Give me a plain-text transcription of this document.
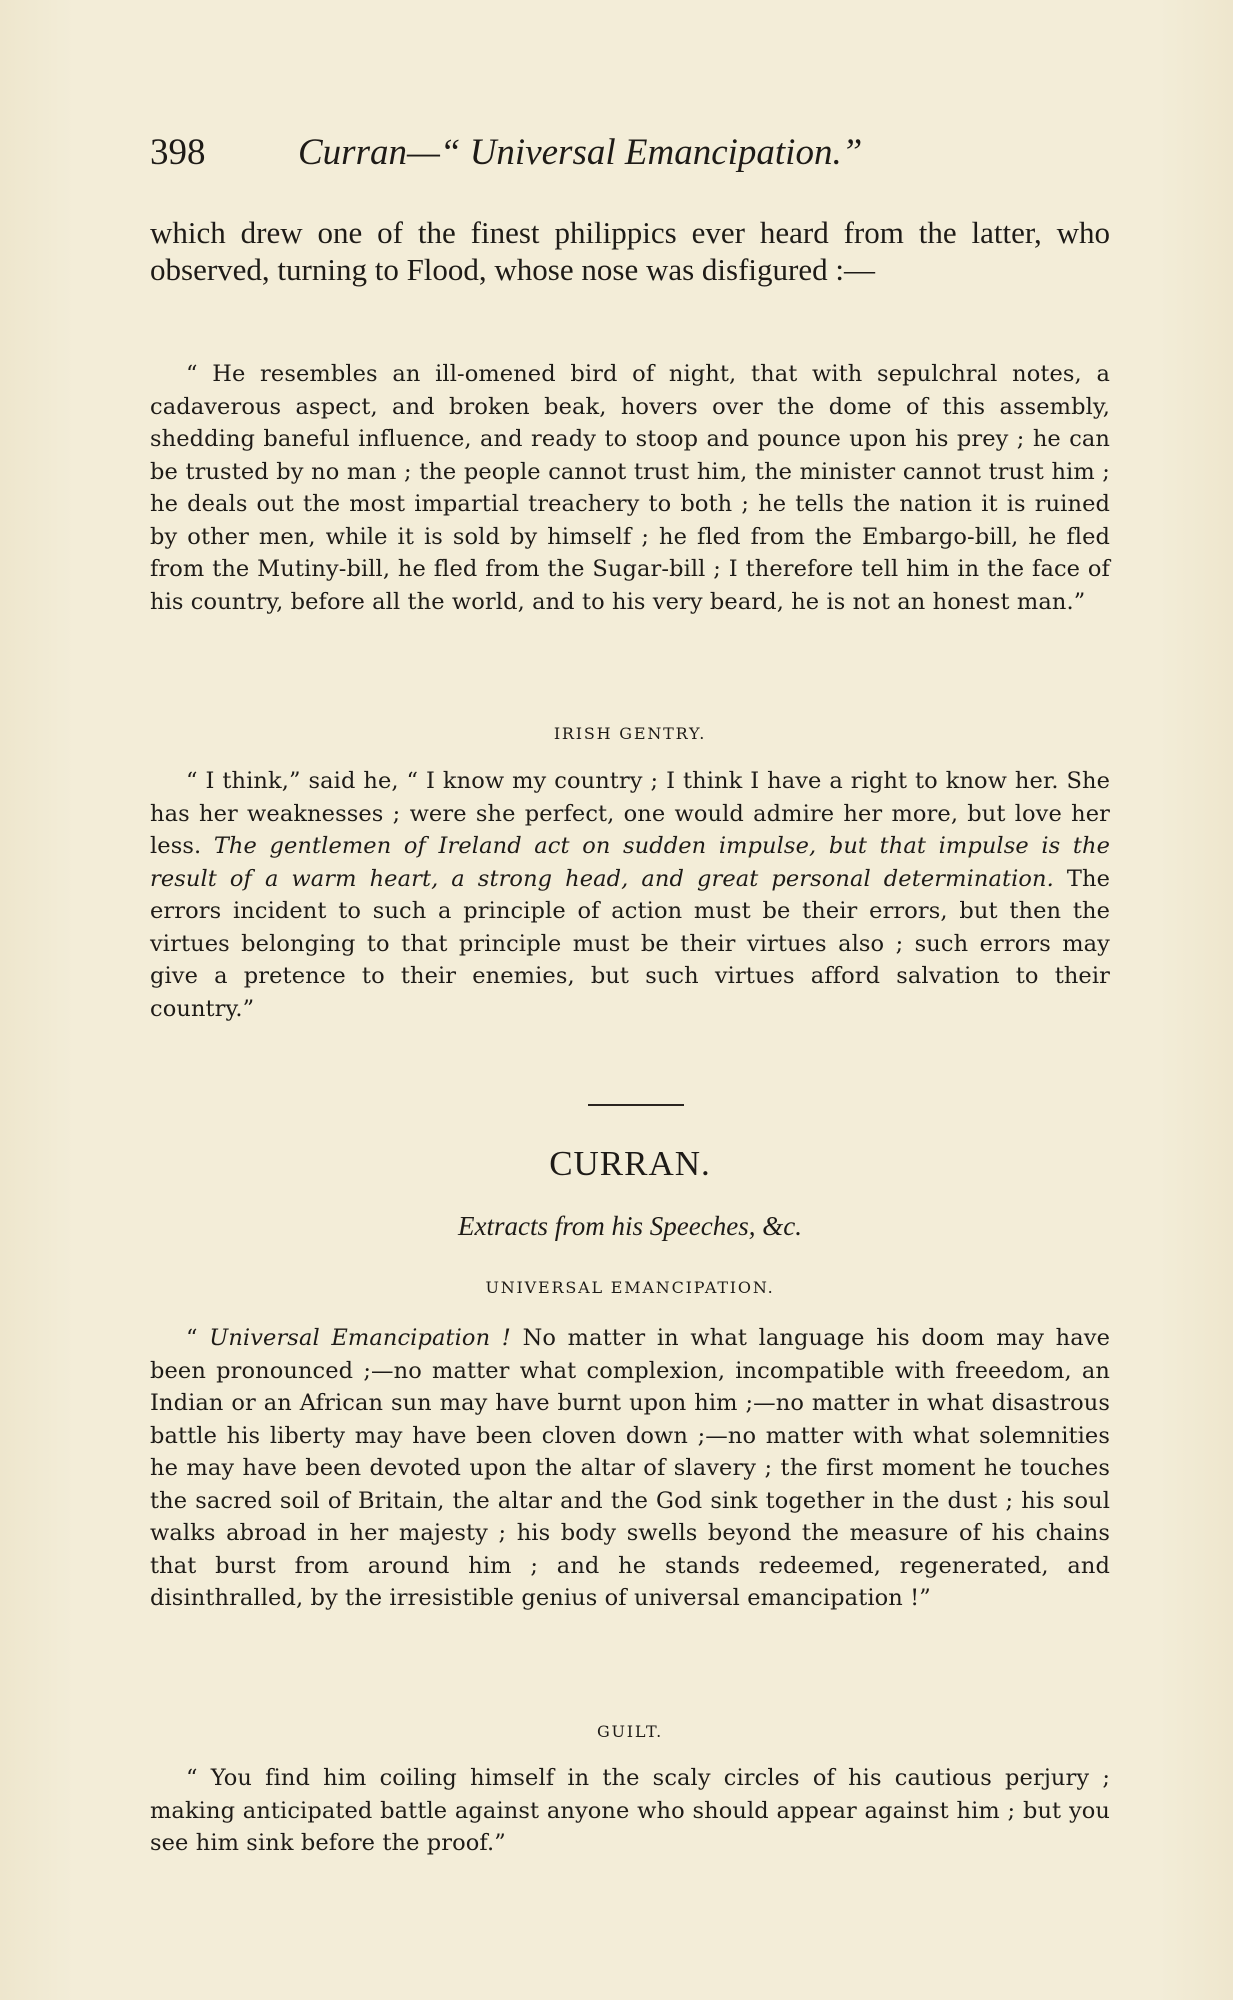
398	Curran—“ Universal Emancipation.”

which drew one of the finest philippics ever heard from the latter, who observed, turning to Flood, whose nose was disfigured :—

“ He resembles an ill-omened bird of night, that with sepulchral notes, a cadaverous aspect, and broken beak, hovers over the dome of this assembly, shedding baneful influence, and ready to stoop and pounce upon his prey ; he can be trusted by no man ; the people cannot trust him, the minister cannot trust him ; he deals out the most impartial treachery to both ; he tells the nation it is ruined by other men, while it is sold by himself ; he fled from the Embargo-bill, he fled from the Mutiny-bill, he fled from the Sugar-bill ; I therefore tell him in the face of his country, before all the world, and to his very beard, he is not an honest man.”

IRISH GENTRY.

“ I think,” said he, “ I know my country ; I think I have a right to know her. She has her weaknesses ; were she perfect, one would admire her more, but love her less. The gentlemen of Ireland act on sudden impulse, but that impulse is the result of a warm heart, a strong head, and great personal determination. The errors incident to such a principle of action must be their errors, but then the virtues belonging to that principle must be their virtues also ; such errors may give a pretence to their enemies, but such virtues afford salvation to their country.”

CURRAN.
Extracts from his Speeches, &c.
UNIVERSAL EMANCIPATION.

“ Universal Emancipation ! No matter in what language his doom may have been pronounced ;—no matter what complexion, incompatible with freeedom, an Indian or an African sun may have burnt upon him ;—no matter in what disastrous battle his liberty may have been cloven down ;—no matter with what solemnities he may have been devoted upon the altar of slavery ; the first moment he touches the sacred soil of Britain, the altar and the God sink together in the dust ; his soul walks abroad in her majesty ; his body swells beyond the measure of his chains that burst from around him ; and he stands redeemed, regenerated, and disinthralled, by the irresistible genius of universal emancipation !”

GUILT.

“ You find him coiling himself in the scaly circles of his cautious perjury ; making anticipated battle against anyone who should appear against him ; but you see him sink before the proof.”
